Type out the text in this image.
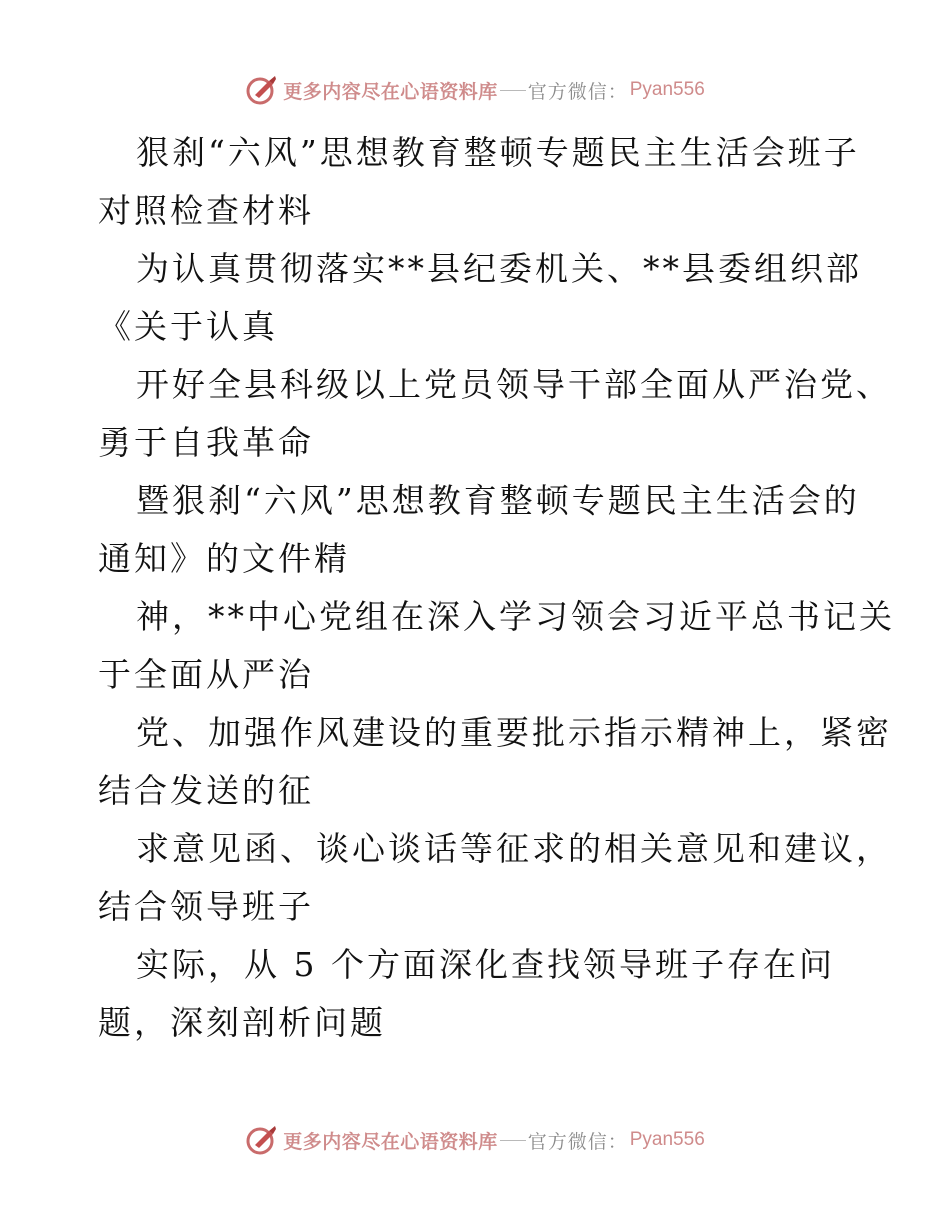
更多内容尽在心语资料库 官方微信： Pyan556
狠刹“六风”思想教育整顿专题民主生活会班子
对照检查材料
为认真贯彻落实**县纪委机关、**县委组织部
《关于认真
开好全县科级以上党员领导干部全面从严治党、
勇于自我革命
暨狠刹“六风”思想教育整顿专题民主生活会的
通知》的文件精
神，**中心党组在深入学习领会习近平总书记关
于全面从严治
党、加强作风建设的重要批示指示精神上，紧密
结合发送的征
求意见函、谈心谈话等征求的相关意见和建议，
结合领导班子
实际，从 5 个方面深化查找领导班子存在问
题，深刻剖析问题
更多内容尽在心语资料库 官方微信： Pyan556
